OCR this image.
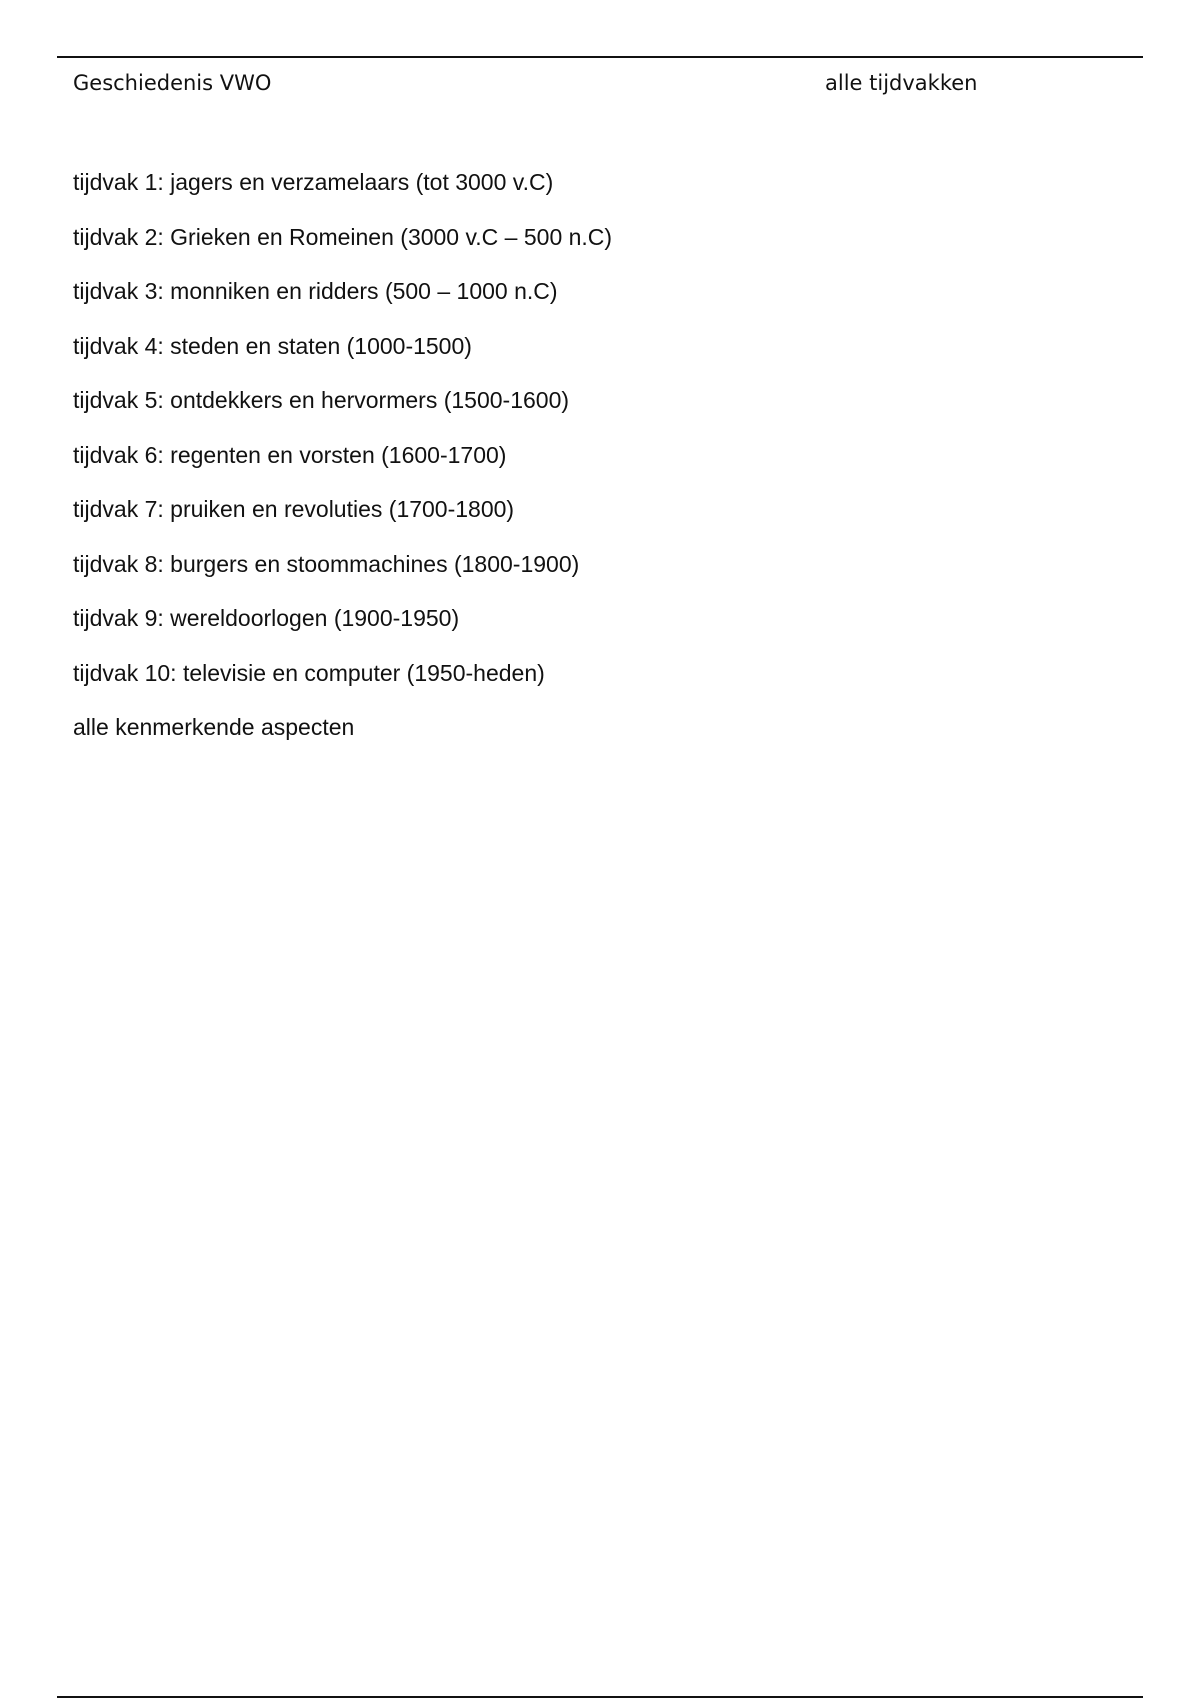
Geschiedenis VWO	alle tijdvakken
tijdvak 1: jagers en verzamelaars (tot 3000 v.C)
tijdvak 2: Grieken en Romeinen (3000 v.C – 500 n.C)
tijdvak 3: monniken en ridders (500 – 1000 n.C)
tijdvak 4: steden en staten (1000-1500)
tijdvak 5: ontdekkers en hervormers (1500-1600)
tijdvak 6: regenten en vorsten (1600-1700)
tijdvak 7: pruiken en revoluties (1700-1800)
tijdvak 8: burgers en stoommachines (1800-1900)
tijdvak 9: wereldoorlogen (1900-1950)
tijdvak 10: televisie en computer (1950-heden)
alle kenmerkende aspecten
